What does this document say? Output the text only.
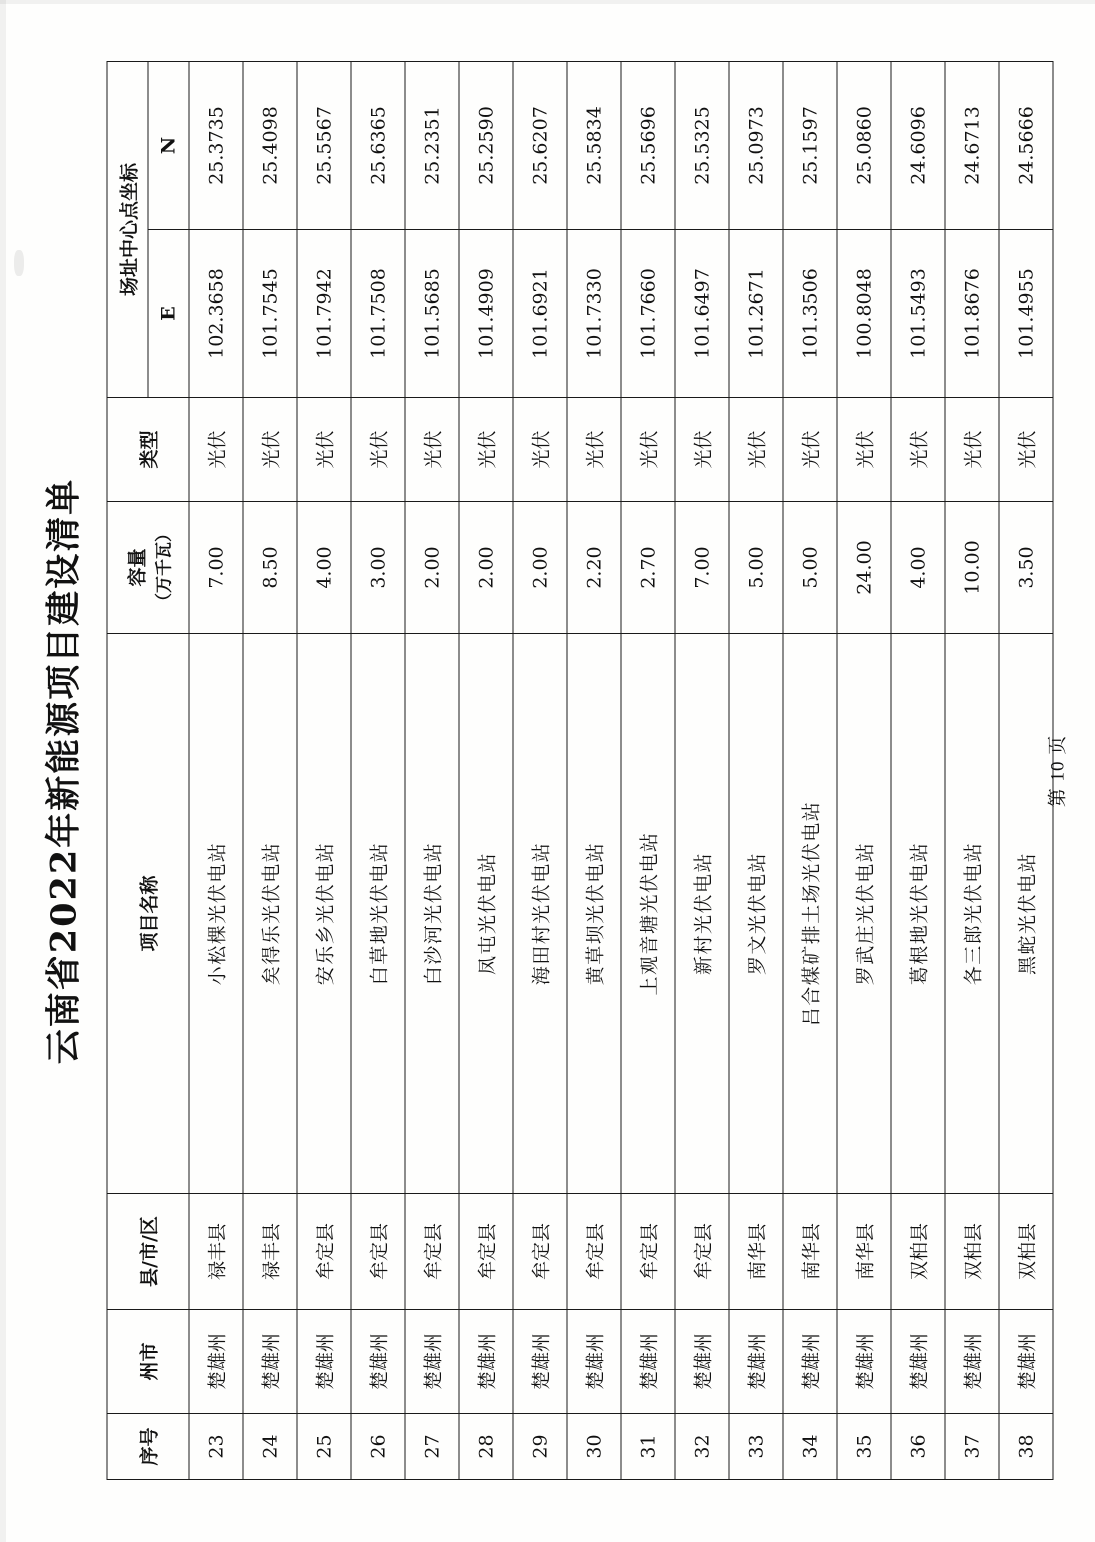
云南省2022年新能源项目建设清单
序号	州市	县/市/区	项目名称	容量 （万千瓦）	类型	场址中心点坐标	
						E	N
23	楚雄州	禄丰县	小松棵光伏电站	7.00	光伏	102.3658	25.3735
24	楚雄州	禄丰县	矣得乐光伏电站	8.50	光伏	101.7545	25.4098
25	楚雄州	牟定县	安乐乡光伏电站	4.00	光伏	101.7942	25.5567
26	楚雄州	牟定县	白草地光伏电站	3.00	光伏	101.7508	25.6365
27	楚雄州	牟定县	白沙河光伏电站	2.00	光伏	101.5685	25.2351
28	楚雄州	牟定县	凤屯光伏电站	2.00	光伏	101.4909	25.2590
29	楚雄州	牟定县	海田村光伏电站	2.00	光伏	101.6921	25.6207
30	楚雄州	牟定县	黄草坝光伏电站	2.20	光伏	101.7330	25.5834
31	楚雄州	牟定县	上观音塘光伏电站	2.70	光伏	101.7660	25.5696
32	楚雄州	牟定县	新村光伏电站	7.00	光伏	101.6497	25.5325
33	楚雄州	南华县	罗文光伏电站	5.00	光伏	101.2671	25.0973
34	楚雄州	南华县	吕合煤矿排土场光伏电站	5.00	光伏	101.3506	25.1597
35	楚雄州	南华县	罗武庄光伏电站	24.00	光伏	100.8048	25.0860
36	楚雄州	双柏县	葛根地光伏电站	4.00	光伏	101.5493	24.6096
37	楚雄州	双柏县	各三郎光伏电站	10.00	光伏	101.8676	24.6713
38	楚雄州	双柏县	黑蛇光伏电站	3.50	光伏	101.4955	24.5666
第 10 页
